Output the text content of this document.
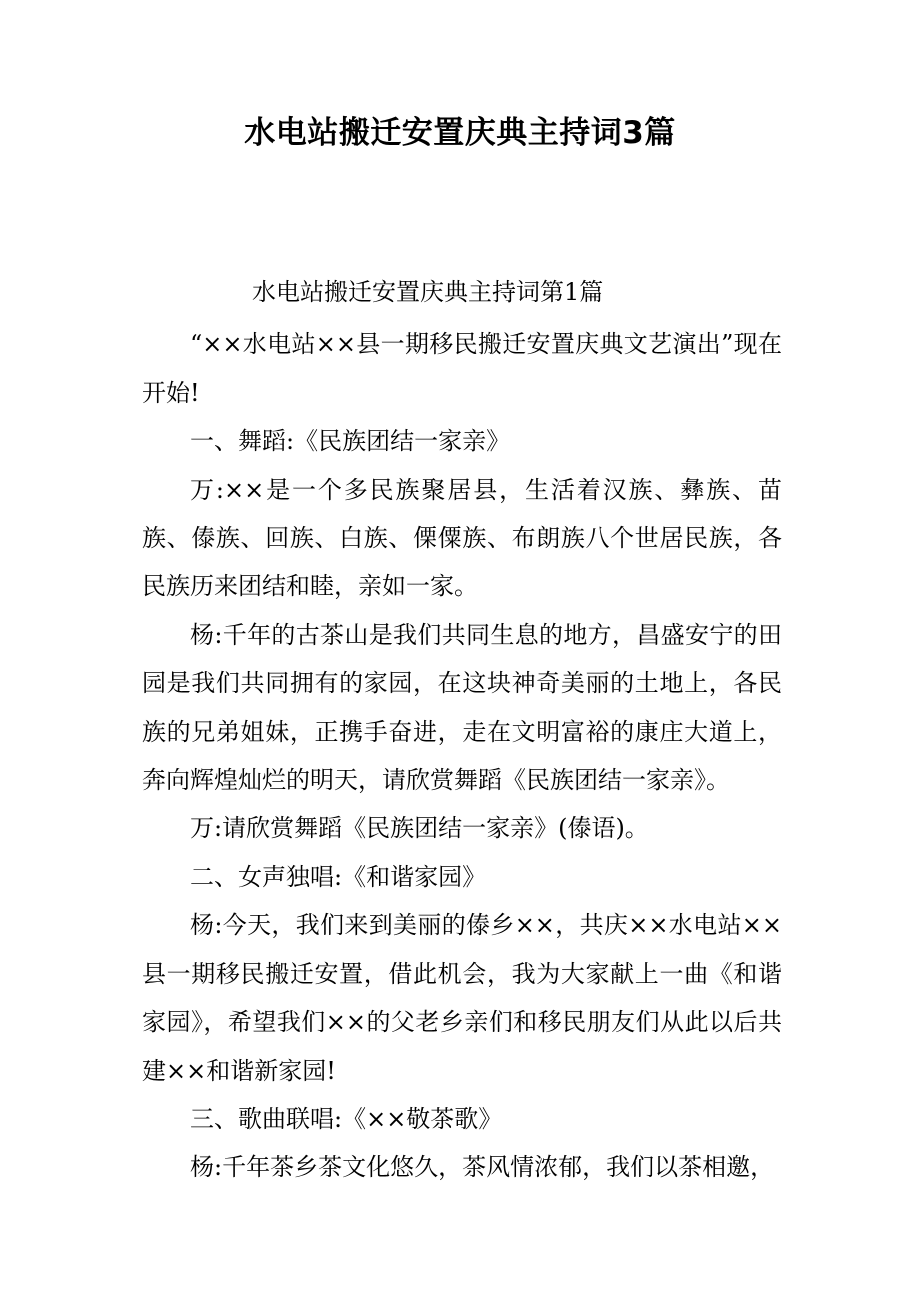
水电站搬迁安置庆典主持词3篇

水电站搬迁安置庆典主持词第1篇

“××水电站××县一期移民搬迁安置庆典文艺演出”现在开始!

一、舞蹈:《民族团结一家亲》

万:××是一个多民族聚居县，生活着汉族、彝族、苗族、傣族、回族、白族、傈僳族、布朗族八个世居民族，各民族历来团结和睦，亲如一家。

杨:千年的古茶山是我们共同生息的地方，昌盛安宁的田园是我们共同拥有的家园，在这块神奇美丽的土地上，各民族的兄弟姐妹，正携手奋进，走在文明富裕的康庄大道上，奔向辉煌灿烂的明天，请欣赏舞蹈《民族团结一家亲》。

万:请欣赏舞蹈《民族团结一家亲》(傣语)。

二、女声独唱:《和谐家园》

杨:今天，我们来到美丽的傣乡××，共庆××水电站××县一期移民搬迁安置，借此机会，我为大家献上一曲《和谐家园》，希望我们××的父老乡亲们和移民朋友们从此以后共建××和谐新家园!

三、歌曲联唱:《××敬茶歌》

杨:千年茶乡茶文化悠久，茶风情浓郁，我们以茶相邀，
